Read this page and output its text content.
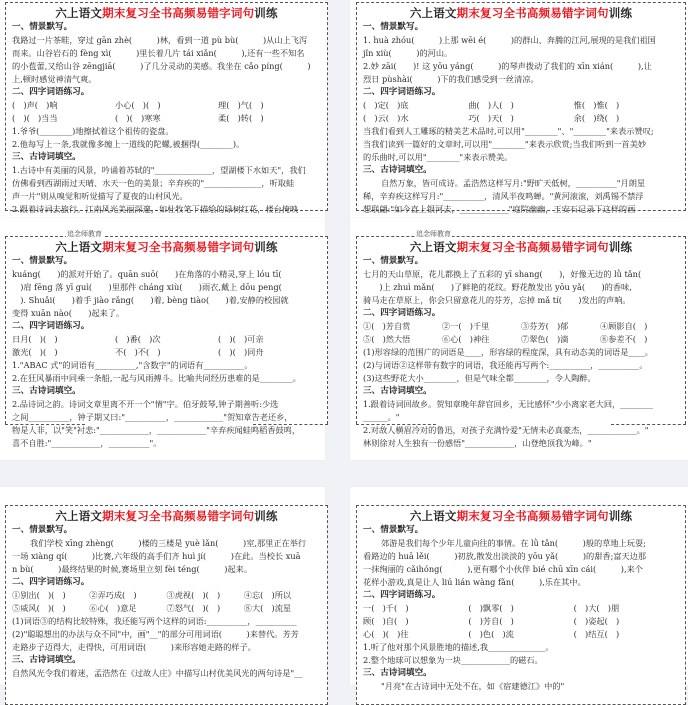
六上语文期末复习全书高频易错字词句训练
一、情景默写。
我路过一片茶畦，穿过 gān zhè(　　　)林，看到一道 pù bù(　　　)从山上飞泻
而来。山谷岩石的 fèng xì(　　　)里长着几片 tái xiǎn(　　　),还有一些不知名
的小苞蕾,又给山谷 zēngjiā(　　　)了几分灵动的美感。我坐在 cǎo píng(　　　)
上,顿时感觉神清气爽。
二、四字词语练习。
(　)声(　)响	小心(　)(　)	理(　)气(　)
(　)(　)当当	(　)(　)寒寒	柔(　)转(　)
1.爷爷(________)地擦拭着这个祖传的瓷盘。
2.他每写上一条,我就像多缠上一道线的陀螺,被捆得(________)。
三、古诗词填空。
1.古诗中有美丽的风景，吟诵着苏轼的"______________，望湖楼下水如天"，我们
仿佛看到西湖雨过天晴、水天一色的美景；辛弃疾的"______________，听取蛙
声一片"则从嗅觉和听觉描写了夏夜的山村风光。
2.跟着诗词去旅行。江南风光美丽深邃，如杜牧笔下描绘的绿树红花，楼台掩映
六上语文期末复习全书高频易错字词句训练
一、情景默写。
1. huà zhóu(　　　)上那 wēi é(　　　)的群山、奔腾的江河,展现的是我们祖国
jǐn xiù(　　　)的河山。
2.妙 zāi(　　)! 这 yōu yáng(　　　)的琴声拨动了我们的 xīn xián(　　　),让
烈日 pùshài(　　　)下的我们感受到一丝清凉。
二、四字词语练习。
(　)定(　)底	曲(　)人(　)	惟(　)惟(　)
(　)云(　)水	巧(　)天(　)	余(　)绕(　)
当我们看到人工雕琢的精美艺术品时,可以用"________"、"________"来表示赞叹;
当我们读到一篇好的文章时,可以用"________"来表示欣赏;当我们听到一首美妙
的乐曲时,可以用"________"来表示赞美。
三、古诗词填空。
自然万象，皆可成诗。孟浩然这样写月:"野旷天低树，__________"月朗星
稀，辛弃疾这样写月:"__________，清风半夜鸣蝉。"黄河滚滚，刘禹锡不禁浮
想联翩:"如今直上银河去，____________"庭院幽幽，王安石记录下这样的画
追念师教育
六上语文期末复习全书高频易错字词句训练
一、情景默写。
kuáng(　　)的派对开始了。quān suō(　　)在角落的小精灵,穿上 lóu tī(
　)肩 fēng 落 yī guì(　　)里那件 cháng xiù(　　)雨衣,戴上 dōu peng(
　). Shuǎi(　　)着手 jiào rǎng(　　)着, bèng tiào(　　)着,安静的校园就
变得 xuān nào(　　)起来了。
二、四字词语练习。
日月(　)(　)	(　)番(　)次	(　)(　)可亲
激光(　)(　)	不(　)不(　)	(　)(　)同舟
1."ABAC 式"的词语有__________,"含数字"的词语有__________。
2.在狂风暴雨中同乘一条船,一起与风雨搏斗。比喻共同经历患难的是________。
三、古诗词填空。
2.品诗词之韵。诗词文章里离不开一个"情"字。伯牙鼓琴,钟子期善听:少选
之间__________，钟子期又曰:"__________，____________"贺知章告老还乡，
物是人非，以"笑"衬悲:"____________，____________"辛弃疾闻蛙鸣稻香鼓鸣，
喜不自胜:"____________，__________"。
追念师教育
六上语文期末复习全书高频易错字词句训练
一、情景默写。
七月的天山草原，花儿都换上了五彩的 yī shang(　　)，好像无边的 lǜ tǎn(
　　)上 zhuì mǎn(　　)了鲜艳的花纹。野花散发出 yōu yǎ(　　)的香味,
骑马走在草原上，你会只留意花儿的芬芳，忘掉 mǎ tí(　　)发出的声响。
二、四字词语练习。
①(　)芳自赏	②一(　)千里	③芬芳(　)郁	④顾影自(　)
⑤(　)然大悟	⑥心(　)神往	⑦翠色(　)滴	⑧参差不(　)
(1)形容绿的范围广的词语是____，形容绿的程度深，具有动态美的词语是____。
(2)与词语②这样带有数字的词语，我还能再写两个:__________，__________。
(3)这些野花大小________，但是气味全都________，令人陶醉。
三、古诗词填空。
1.跟着诗词回故乡。贺知章晚年辞官回乡，无比感怀"少小离家老大回，________
______。"
2.对敌人横眉冷对的鲁迅，对孩子充满怜爱"无情未必真豪杰，____________。"
林则徐对人生独有一份感悟"____________，山登绝顶我为峰。"
六上语文期末复习全书高频易错字词句训练
一、情景默写。
我们学校 xīng zhèng(　　　)楼的三楼是 yuè lǎn(　　　)室,那里正在举行
一场 xiàng qí(　　　)比赛,六年级的高手们齐 huì jí(　　　)在此。当校长 xuā
n bù(　　　)最终结果的时候,赛场里立刻 fèi téng(　　　)起来。
二、四字词语练习。
①别出(　)(　)	②弄巧成(　)	③虎视(　)(　)	④忘(　)所以
⑤威风(　)(　)	⑥心(　)意足	⑦怒气(　)(　)	⑧大(　)流星
(1)词语③的结构比较特殊，我还能写两个这样的词语:__________，__________
(2)"聪聪想出的办法与众不同"中，画"__"的部分可用词语(　　　)来替代。芳芳
走路步子迈得大，走得快，可用词语(　　　)来形容她走路的样子。
三、古诗词填空。
自然风光令我们着迷，孟浩然在《过故人庄》中描写山村优美风光的两句诗是"__
六上语文期末复习全书高频易错字词句训练
一、情景默写。
郊游是我们每个少年儿童向往的事情。在 lǜ tǎn(　　　)般的草地上玩耍;
看路边的 huā lěi(　　　)初放,散发出淡淡的 yōu yǎ(　　　)的甜香;富天边那
一抹绚丽的 cǎihóng(　　　),更有哪个小伙伴 bié chū xīn cái(　　　),来个
花样小游戏,真是让人 liú lián wàng fǎn(　　　),乐在其中。
二、四字词语练习。
一(　)千(　)	(　)飘零(　)	(　)大(　)朋
顾(　)自(　)	(　)芳自(　)	(　)姿起(　)
心(　)(　)往	(　)色(　)流	(　)结互(　)
1.听了他对那个风景胜地的描述,我______________。
2.整个地球可以想象为一块____________的磁石。
三、古诗词填空。
"月亮"在古诗词中无处不在，如《宿建德江》中的"
